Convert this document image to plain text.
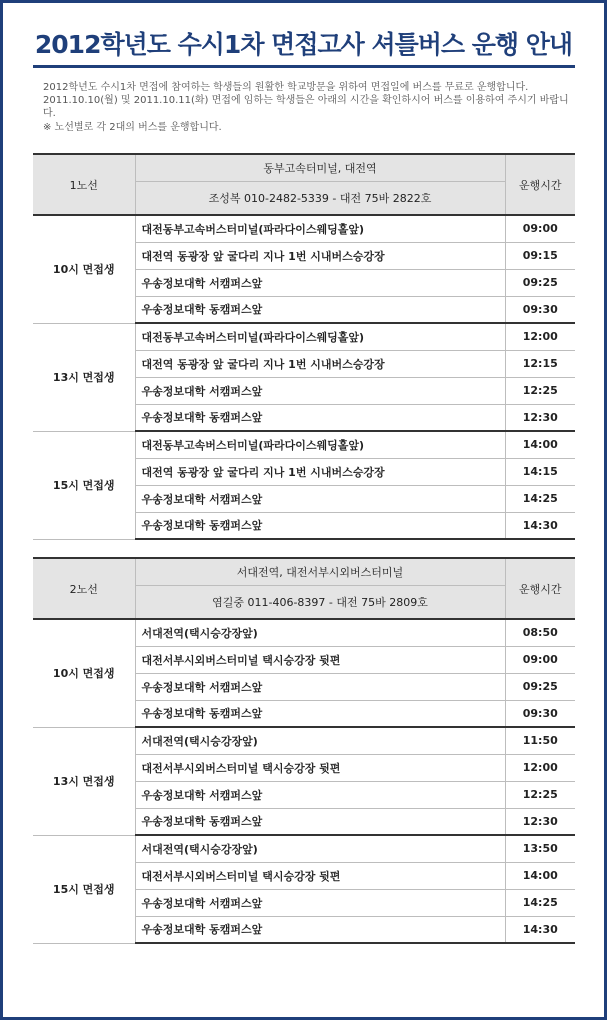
2012학년도 수시1차 면접고사 셔틀버스 운행 안내
2012학년도 수시1차 면접에 참여하는 학생들의 원활한 학교방문을 위하여 면접일에 버스를 무료로 운행합니다.
2011.10.10(월) 및 2011.10.11(화) 면접에 임하는 학생들은 아래의 시간을 확인하시어 버스를 이용하여 주시기 바랍니다.
※ 노선별로 각 2대의 버스를 운행합니다.
1노선	동부고속터미널, 대전역	운행시간
	조성복 010-2482-5339 - 대전 75바 2822호	
10시 면접생	대전동부고속버스터미널(파라다이스웨딩홀앞)	09:00
	대전역 동광장 앞 굴다리 지나 1번 시내버스승강장	09:15
	우송정보대학 서캠퍼스앞	09:25
	우송정보대학 동캠퍼스앞	09:30
13시 면접생	대전동부고속버스터미널(파라다이스웨딩홀앞)	12:00
	대전역 동광장 앞 굴다리 지나 1번 시내버스승강장	12:15
	우송정보대학 서캠퍼스앞	12:25
	우송정보대학 동캠퍼스앞	12:30
15시 면접생	대전동부고속버스터미널(파라다이스웨딩홀앞)	14:00
	대전역 동광장 앞 굴다리 지나 1번 시내버스승강장	14:15
	우송정보대학 서캠퍼스앞	14:25
	우송정보대학 동캠퍼스앞	14:30
2노선	서대전역, 대전서부시외버스터미널	운행시간
	염길중 011-406-8397 - 대전 75바 2809호	
10시 면접생	서대전역(택시승강장앞)	08:50
	대전서부시외버스터미널 택시승강장 뒷편	09:00
	우송정보대학 서캠퍼스앞	09:25
	우송정보대학 동캠퍼스앞	09:30
13시 면접생	서대전역(택시승강장앞)	11:50
	대전서부시외버스터미널 택시승강장 뒷편	12:00
	우송정보대학 서캠퍼스앞	12:25
	우송정보대학 동캠퍼스앞	12:30
15시 면접생	서대전역(택시승강장앞)	13:50
	대전서부시외버스터미널 택시승강장 뒷편	14:00
	우송정보대학 서캠퍼스앞	14:25
	우송정보대학 동캠퍼스앞	14:30
